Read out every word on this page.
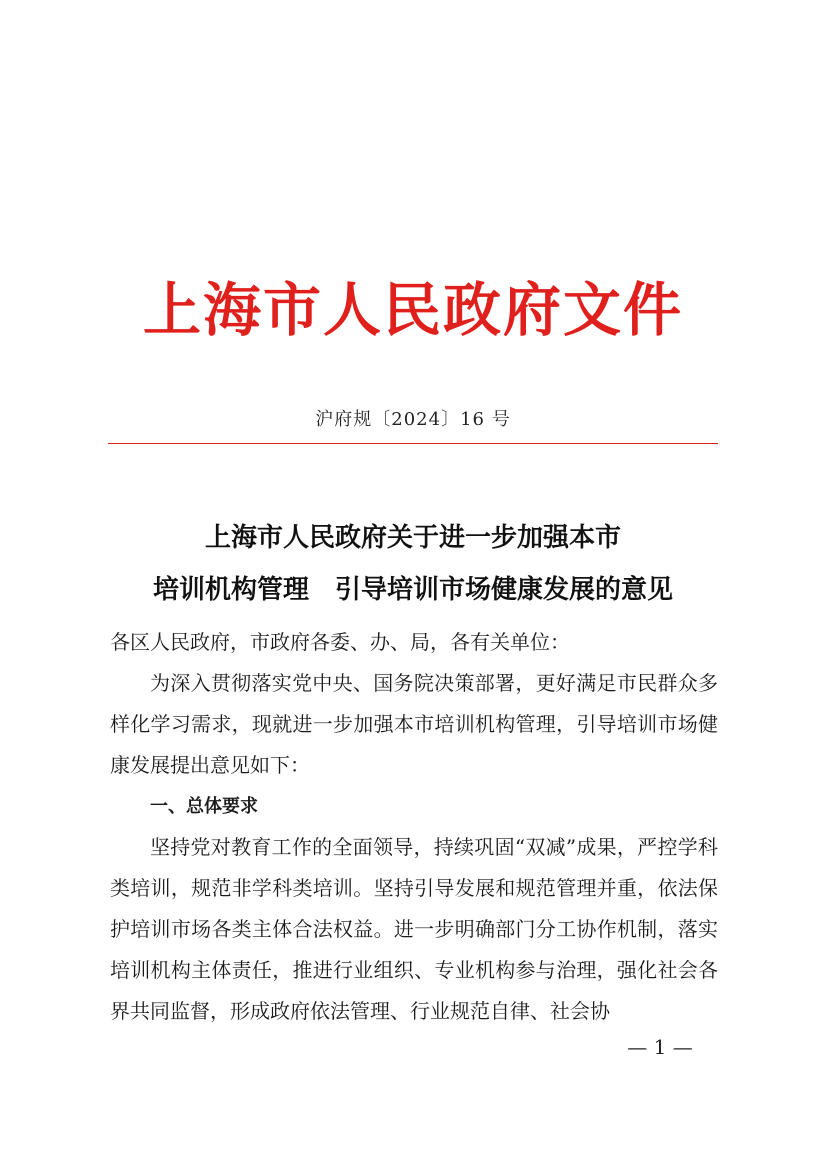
上海市人民政府文件
沪府规〔2024〕16 号
上海市人民政府关于进一步加强本市
培训机构管理　引导培训市场健康发展的意见

各区人民政府，市政府各委、办、局，各有关单位：

为深入贯彻落实党中央、国务院决策部署，更好满足市民群众多样化学习需求，现就进一步加强本市培训机构管理，引导培训市场健康发展提出意见如下：

一、总体要求

坚持党对教育工作的全面领导，持续巩固“双减”成果，严控学科类培训，规范非学科类培训。坚持引导发展和规范管理并重，依法保护培训市场各类主体合法权益。进一步明确部门分工协作机制，落实培训机构主体责任，推进行业组织、专业机构参与治理，强化社会各界共同监督，形成政府依法管理、行业规范自律、社会协

— 1 —
